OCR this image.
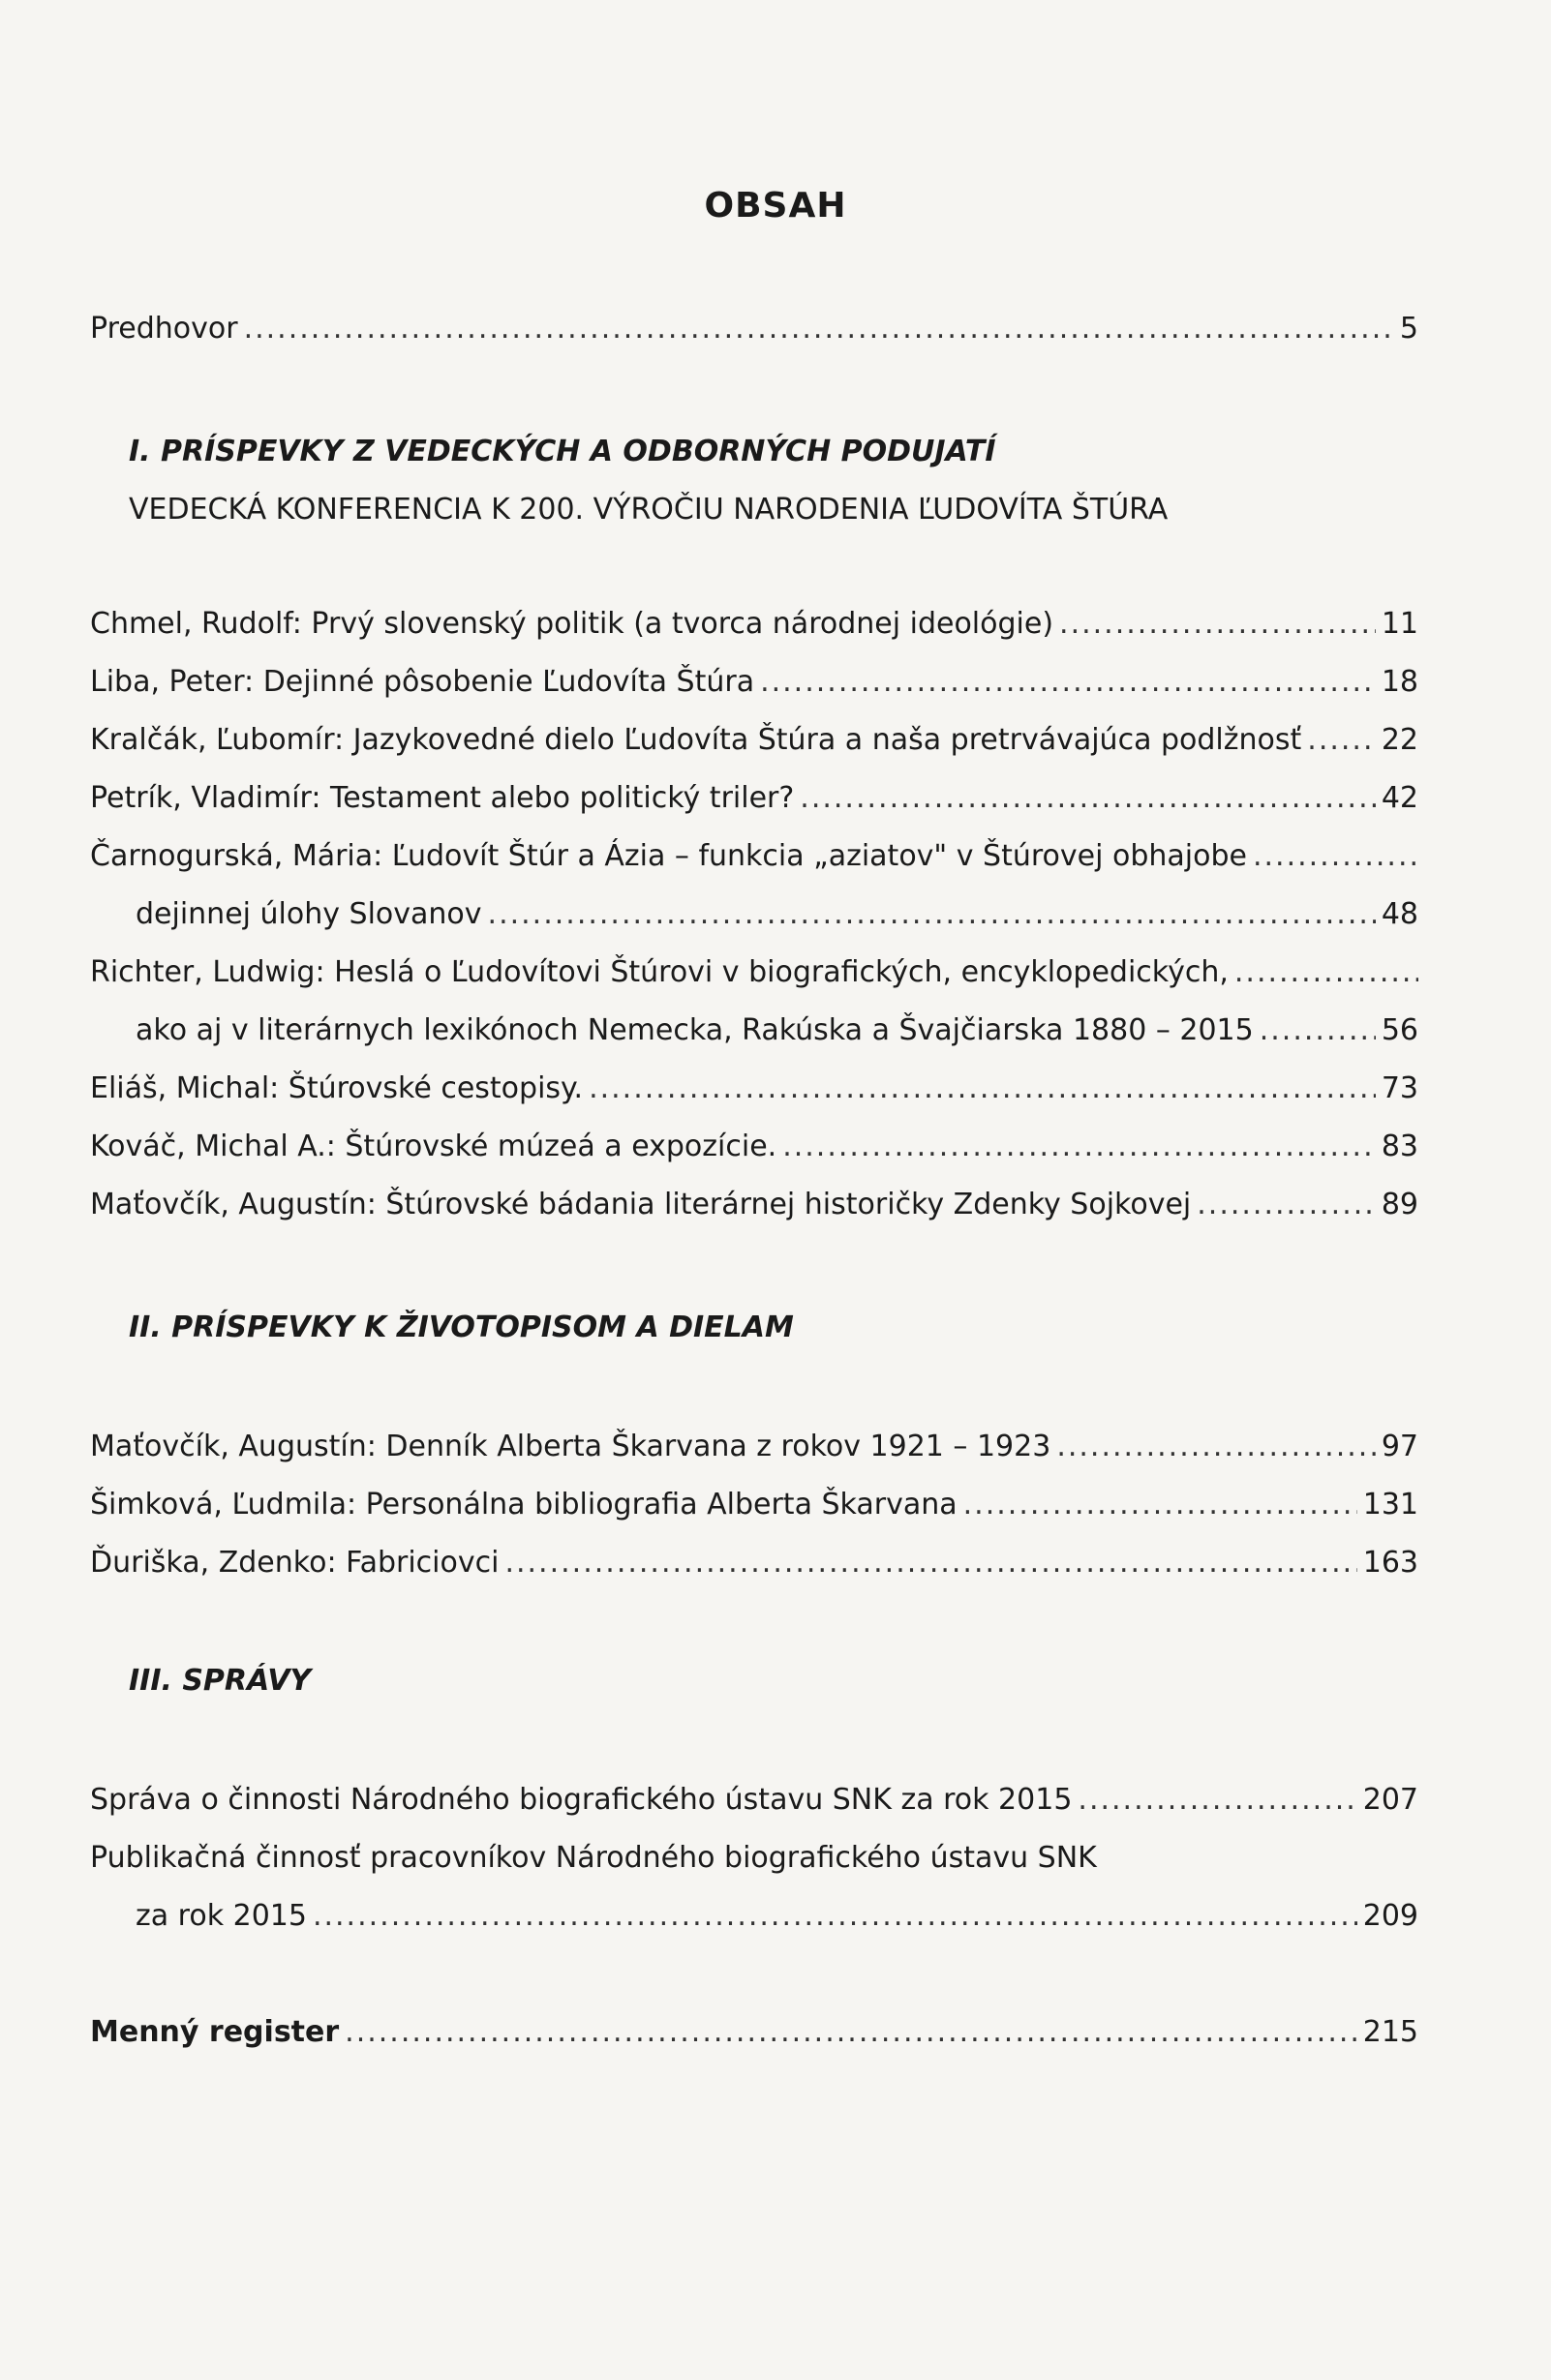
OBSAH
Predhovor .....	5
I. PRÍSPEVKY Z VEDECKÝCH A ODBORNÝCH PODUJATÍ
VEDECKÁ KONFERENCIA K 200. VÝROČIU NARODENIA ĽUDOVÍTA ŠTÚRA
Chmel, Rudolf: Prvý slovenský politik (a tvorca národnej ideológie) .....	11
Liba, Peter: Dejinné pôsobenie Ľudovíta Štúra .....	18
Kralčák, Ľubomír: Jazykovedné dielo Ľudovíta Štúra a naša pretrvávajúca podlžnosť .....	22
Petrík, Vladimír: Testament alebo politický triler? .....	42
Čarnogurská, Mária: Ľudovít Štúr a Ázia – funkcia „aziatov" v Štúrovej obhajobe
.....
dejinnej úlohy Slovanov .....	48
Richter, Ludwig: Heslá o Ľudovítovi Štúrovi v biografických, encyklopedických,
.....
ako aj v literárnych lexikónoch Nemecka, Rakúska a Švajčiarska 1880 – 2015 .....	56
Eliáš, Michal: Štúrovské cestopisy. .....	73
Kováč, Michal A.: Štúrovské múzeá a expozície. .....	83
Maťovčík, Augustín: Štúrovské bádania literárnej historičky Zdenky Sojkovej .....	89
II. PRÍSPEVKY K ŽIVOTOPISOM A DIELAM
Maťovčík, Augustín: Denník Alberta Škarvana z rokov 1921 – 1923 .....	97
Šimková, Ľudmila: Personálna bibliografia Alberta Škarvana .....	131
Ďuriška, Zdenko: Fabriciovci .....	163
III. SPRÁVY
Správa o činnosti Národného biografického ústavu SNK za rok 2015 .....	207
Publikačná činnosť pracovníkov Národného biografického ústavu SNK
za rok 2015 .....	209
Menný register .....	215
